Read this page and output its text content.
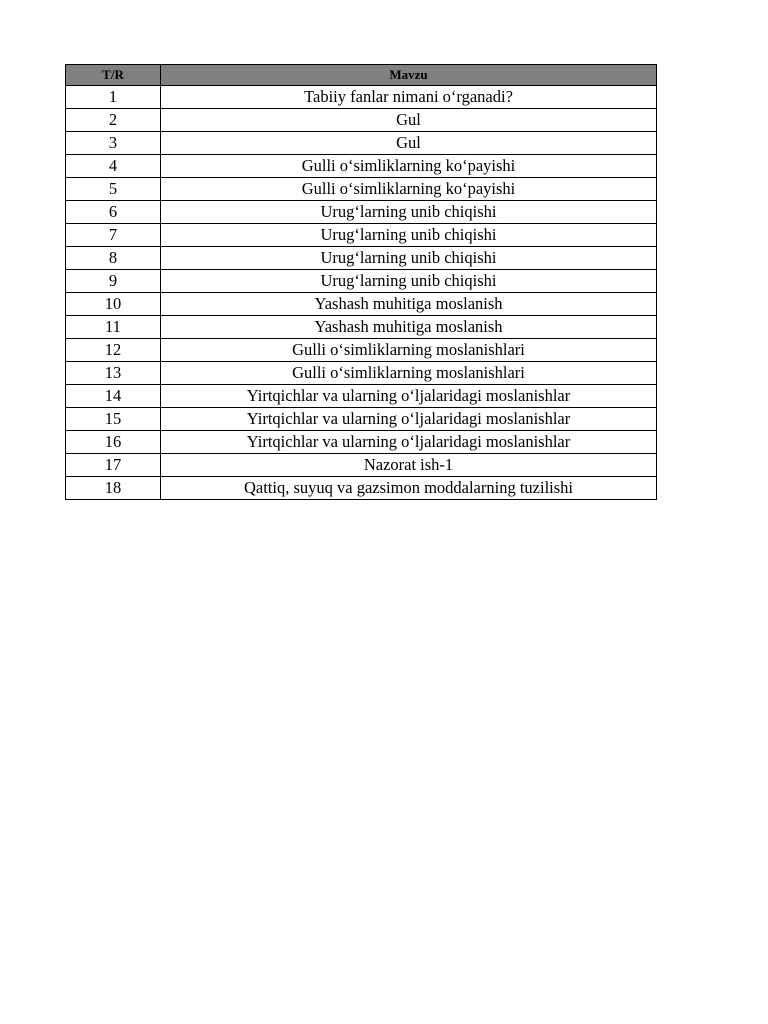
T/R	Mavzu
1	Tabiiy fanlar nimani o‘rganadi?
2	Gul
3	Gul
4	Gulli o‘simliklarning ko‘payishi
5	Gulli o‘simliklarning ko‘payishi
6	Urug‘larning unib chiqishi
7	Urug‘larning unib chiqishi
8	Urug‘larning unib chiqishi
9	Urug‘larning unib chiqishi
10	Yashash muhitiga moslanish
11	Yashash muhitiga moslanish
12	Gulli o‘simliklarning moslanishlari
13	Gulli o‘simliklarning moslanishlari
14	Yirtqichlar va ularning o‘ljalaridagi moslanishlar
15	Yirtqichlar va ularning o‘ljalaridagi moslanishlar
16	Yirtqichlar va ularning o‘ljalaridagi moslanishlar
17	Nazorat ish-1
18	Qattiq, suyuq va gazsimon moddalarning tuzilishi
